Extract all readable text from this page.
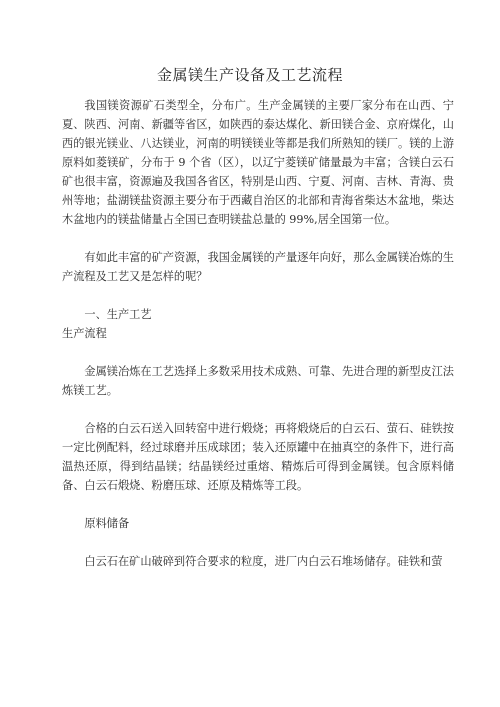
金属镁生产设备及工艺流程

我国镁资源矿石类型全，分布广。生产金属镁的主要厂家分布在山西、宁夏、陕西、河南、新疆等省区，如陕西的泰达煤化、新田镁合金、京府煤化，山西的银光镁业、八达镁业，河南的明镁镁业等都是我们所熟知的镁厂。镁的上游原料如菱镁矿，分布于 9 个省（区），以辽宁菱镁矿储量最为丰富；含镁白云石矿也很丰富，资源遍及我国各省区，特别是山西、宁夏、河南、吉林、青海、贵州等地；盐湖镁盐资源主要分布于西藏自治区的北部和青海省柴达木盆地，柴达木盆地内的镁盐储量占全国已查明镁盐总量的 99%,居全国第一位。

有如此丰富的矿产资源，我国金属镁的产量逐年向好，那么金属镁冶炼的生产流程及工艺又是怎样的呢？

一、生产工艺

生产流程

金属镁冶炼在工艺选择上多数采用技术成熟、可靠、先进合理的新型皮江法炼镁工艺。

合格的白云石送入回转窑中进行煅烧；再将煅烧后的白云石、萤石、硅铁按一定比例配料，经过球磨并压成球团；装入还原罐中在抽真空的条件下，进行高温热还原，得到结晶镁；结晶镁经过重熔、精炼后可得到金属镁。包含原料储备、白云石煅烧、粉磨压球、还原及精炼等工段。

原料储备

白云石在矿山破碎到符合要求的粒度，进厂内白云石堆场储存。硅铁和萤
